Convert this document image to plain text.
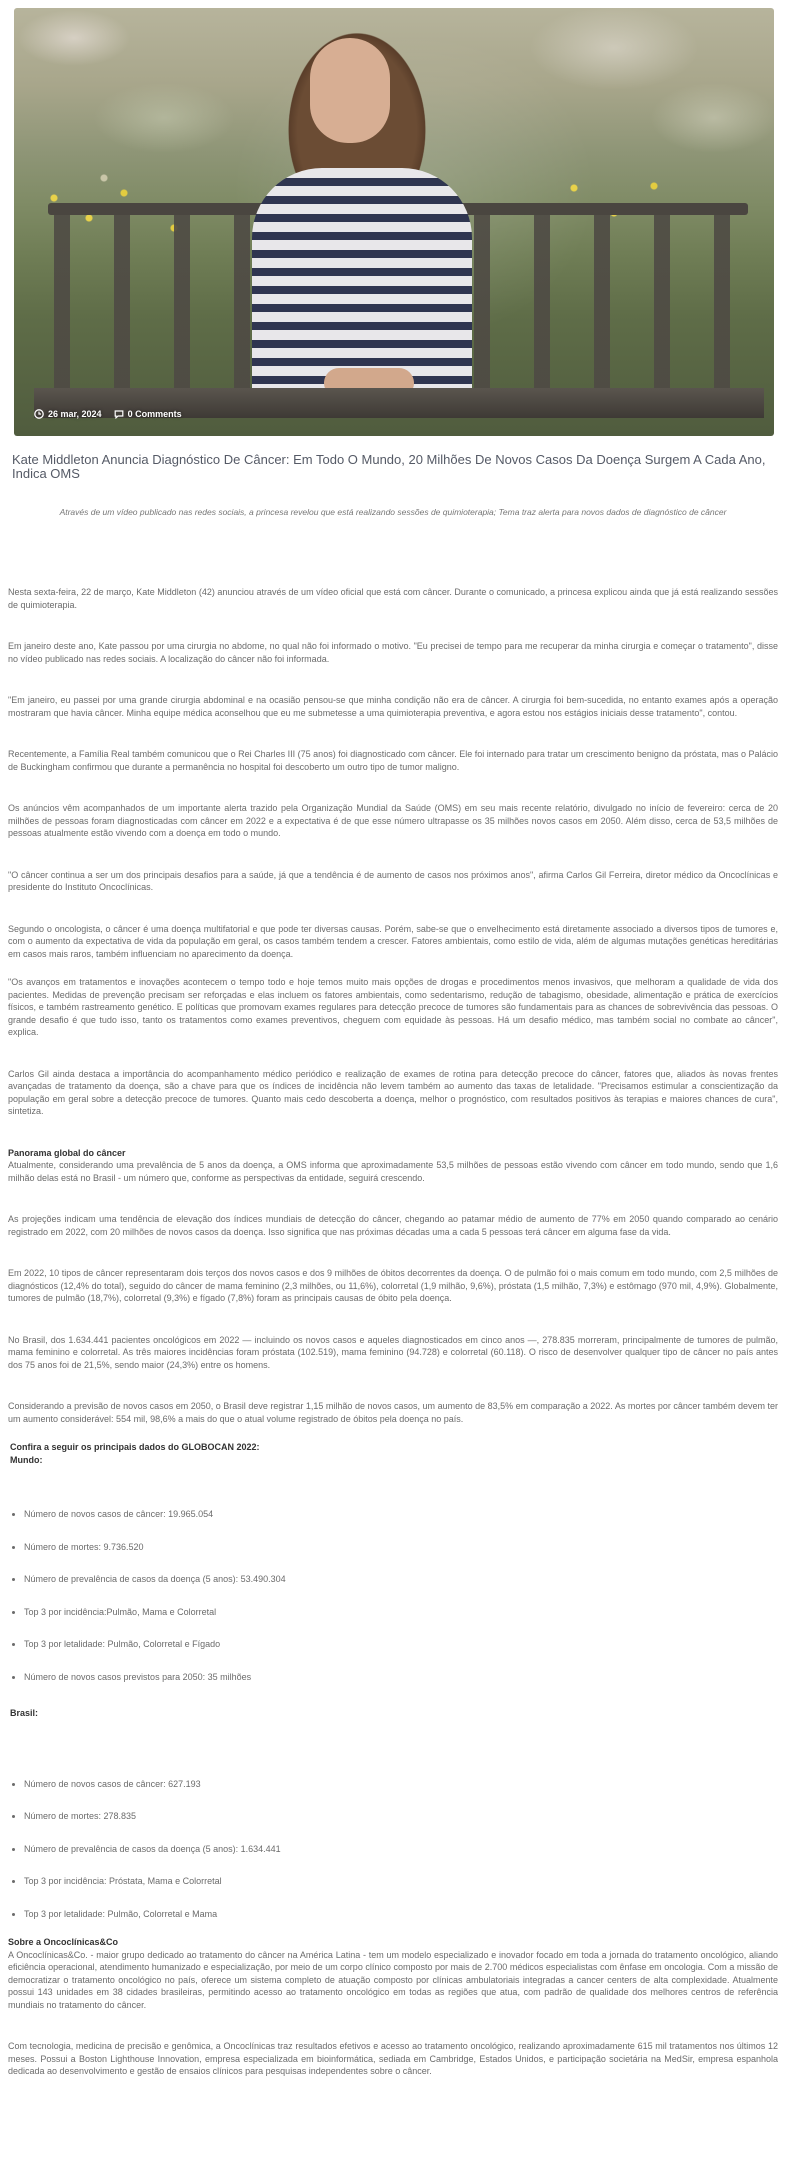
26 mar, 2024	0 Comments
Kate Middleton Anuncia Diagnóstico De Câncer: Em Todo O Mundo, 20 Milhões De Novos Casos Da Doença Surgem A Cada Ano, Indica OMS

Através de um vídeo publicado nas redes sociais, a princesa revelou que está realizando sessões de quimioterapia; Tema traz alerta para novos dados de diagnóstico de câncer

Nesta sexta-feira, 22 de março, Kate Middleton (42) anunciou através de um vídeo oficial que está com câncer. Durante o comunicado, a princesa explicou ainda que já está realizando sessões de quimioterapia.

Em janeiro deste ano, Kate passou por uma cirurgia no abdome, no qual não foi informado o motivo. "Eu precisei de tempo para me recuperar da minha cirurgia e começar o tratamento", disse no vídeo publicado nas redes sociais. A localização do câncer não foi informada.

"Em janeiro, eu passei por uma grande cirurgia abdominal e na ocasião pensou-se que minha condição não era de câncer. A cirurgia foi bem-sucedida, no entanto exames após a operação mostraram que havia câncer. Minha equipe médica aconselhou que eu me submetesse a uma quimioterapia preventiva, e agora estou nos estágios iniciais desse tratamento", contou.

Recentemente, a Família Real também comunicou que o Rei Charles III (75 anos) foi diagnosticado com câncer. Ele foi internado para tratar um crescimento benigno da próstata, mas o Palácio de Buckingham confirmou que durante a permanência no hospital foi descoberto um outro tipo de tumor maligno.

Os anúncios vêm acompanhados de um importante alerta trazido pela Organização Mundial da Saúde (OMS) em seu mais recente relatório, divulgado no início de fevereiro: cerca de 20 milhões de pessoas foram diagnosticadas com câncer em 2022 e a expectativa é de que esse número ultrapasse os 35 milhões novos casos em 2050. Além disso, cerca de 53,5 milhões de pessoas atualmente estão vivendo com a doença em todo o mundo.

"O câncer continua a ser um dos principais desafios para a saúde, já que a tendência é de aumento de casos nos próximos anos", afirma Carlos Gil Ferreira, diretor médico da Oncoclínicas e presidente do Instituto Oncoclínicas.

Segundo o oncologista, o câncer é uma doença multifatorial e que pode ter diversas causas. Porém, sabe-se que o envelhecimento está diretamente associado a diversos tipos de tumores e, com o aumento da expectativa de vida da população em geral, os casos também tendem a crescer. Fatores ambientais, como estilo de vida, além de algumas mutações genéticas hereditárias em casos mais raros, também influenciam no aparecimento da doença.

"Os avanços em tratamentos e inovações acontecem o tempo todo e hoje temos muito mais opções de drogas e procedimentos menos invasivos, que melhoram a qualidade de vida dos pacientes. Medidas de prevenção precisam ser reforçadas e elas incluem os fatores ambientais, como sedentarismo, redução de tabagismo, obesidade, alimentação e prática de exercícios físicos, e também rastreamento genético. E políticas que promovam exames regulares para detecção precoce de tumores são fundamentais para as chances de sobrevivência das pessoas. O grande desafio é que tudo isso, tanto os tratamentos como exames preventivos, cheguem com equidade às pessoas. Há um desafio médico, mas também social no combate ao câncer", explica.

Carlos Gil ainda destaca a importância do acompanhamento médico periódico e realização de exames de rotina para detecção precoce do câncer, fatores que, aliados às novas frentes avançadas de tratamento da doença, são a chave para que os índices de incidência não levem também ao aumento das taxas de letalidade. "Precisamos estimular a conscientização da população em geral sobre a detecção precoce de tumores. Quanto mais cedo descoberta a doença, melhor o prognóstico, com resultados positivos às terapias e maiores chances de cura", sintetiza.

Panorama global do câncer

Atualmente, considerando uma prevalência de 5 anos da doença, a OMS informa que aproximadamente 53,5 milhões de pessoas estão vivendo com câncer em todo mundo, sendo que 1,6 milhão delas está no Brasil - um número que, conforme as perspectivas da entidade, seguirá crescendo.

As projeções indicam uma tendência de elevação dos índices mundiais de detecção do câncer, chegando ao patamar médio de aumento de 77% em 2050 quando comparado ao cenário registrado em 2022, com 20 milhões de novos casos da doença. Isso significa que nas próximas décadas uma a cada 5 pessoas terá câncer em alguma fase da vida.

Em 2022, 10 tipos de câncer representaram dois terços dos novos casos e dos 9 milhões de óbitos decorrentes da doença. O de pulmão foi o mais comum em todo mundo, com 2,5 milhões de diagnósticos (12,4% do total), seguido do câncer de mama feminino (2,3 milhões, ou 11,6%), colorretal (1,9 milhão, 9,6%), próstata (1,5 milhão, 7,3%) e estômago (970 mil, 4,9%). Globalmente, tumores de pulmão (18,7%), colorretal (9,3%) e fígado (7,8%) foram as principais causas de óbito pela doença.

No Brasil, dos 1.634.441 pacientes oncológicos em 2022 — incluindo os novos casos e aqueles diagnosticados em cinco anos —, 278.835 morreram, principalmente de tumores de pulmão, mama feminino e colorretal. As três maiores incidências foram próstata (102.519), mama feminino (94.728) e colorretal (60.118). O risco de desenvolver qualquer tipo de câncer no país antes dos 75 anos foi de 21,5%, sendo maior (24,3%) entre os homens.

Considerando a previsão de novos casos em 2050, o Brasil deve registrar 1,15 milhão de novos casos, um aumento de 83,5% em comparação a 2022. As mortes por câncer também devem ter um aumento considerável: 554 mil, 98,6% a mais do que o atual volume registrado de óbitos pela doença no país.

Confira a seguir os principais dados do GLOBOCAN 2022:

Mundo:

• Número de novos casos de câncer: 19.965.054
• Número de mortes: 9.736.520
• Número de prevalência de casos da doença (5 anos): 53.490.304
• Top 3 por incidência:Pulmão, Mama e Colorretal
• Top 3 por letalidade: Pulmão, Colorretal e Fígado
• Número de novos casos previstos para 2050: 35 milhões

Brasil:

• Número de novos casos de câncer: 627.193
• Número de mortes: 278.835
• Número de prevalência de casos da doença (5 anos): 1.634.441
• Top 3 por incidência: Próstata, Mama e Colorretal
• Top 3 por letalidade: Pulmão, Colorretal e Mama

Sobre a Oncoclínicas&Co

A Oncoclínicas&Co. - maior grupo dedicado ao tratamento do câncer na América Latina - tem um modelo especializado e inovador focado em toda a jornada do tratamento oncológico, aliando eficiência operacional, atendimento humanizado e especialização, por meio de um corpo clínico composto por mais de 2.700 médicos especialistas com ênfase em oncologia. Com a missão de democratizar o tratamento oncológico no país, oferece um sistema completo de atuação composto por clínicas ambulatoriais integradas a cancer centers de alta complexidade. Atualmente possui 143 unidades em 38 cidades brasileiras, permitindo acesso ao tratamento oncológico em todas as regiões que atua, com padrão de qualidade dos melhores centros de referência mundiais no tratamento do câncer.

Com tecnologia, medicina de precisão e genômica, a Oncoclínicas traz resultados efetivos e acesso ao tratamento oncológico, realizando aproximadamente 615 mil tratamentos nos últimos 12 meses. Possui a Boston Lighthouse Innovation, empresa especializada em bioinformática, sediada em Cambridge, Estados Unidos, e participação societária na MedSir, empresa espanhola dedicada ao desenvolvimento e gestão de ensaios clínicos para pesquisas independentes sobre o câncer.
